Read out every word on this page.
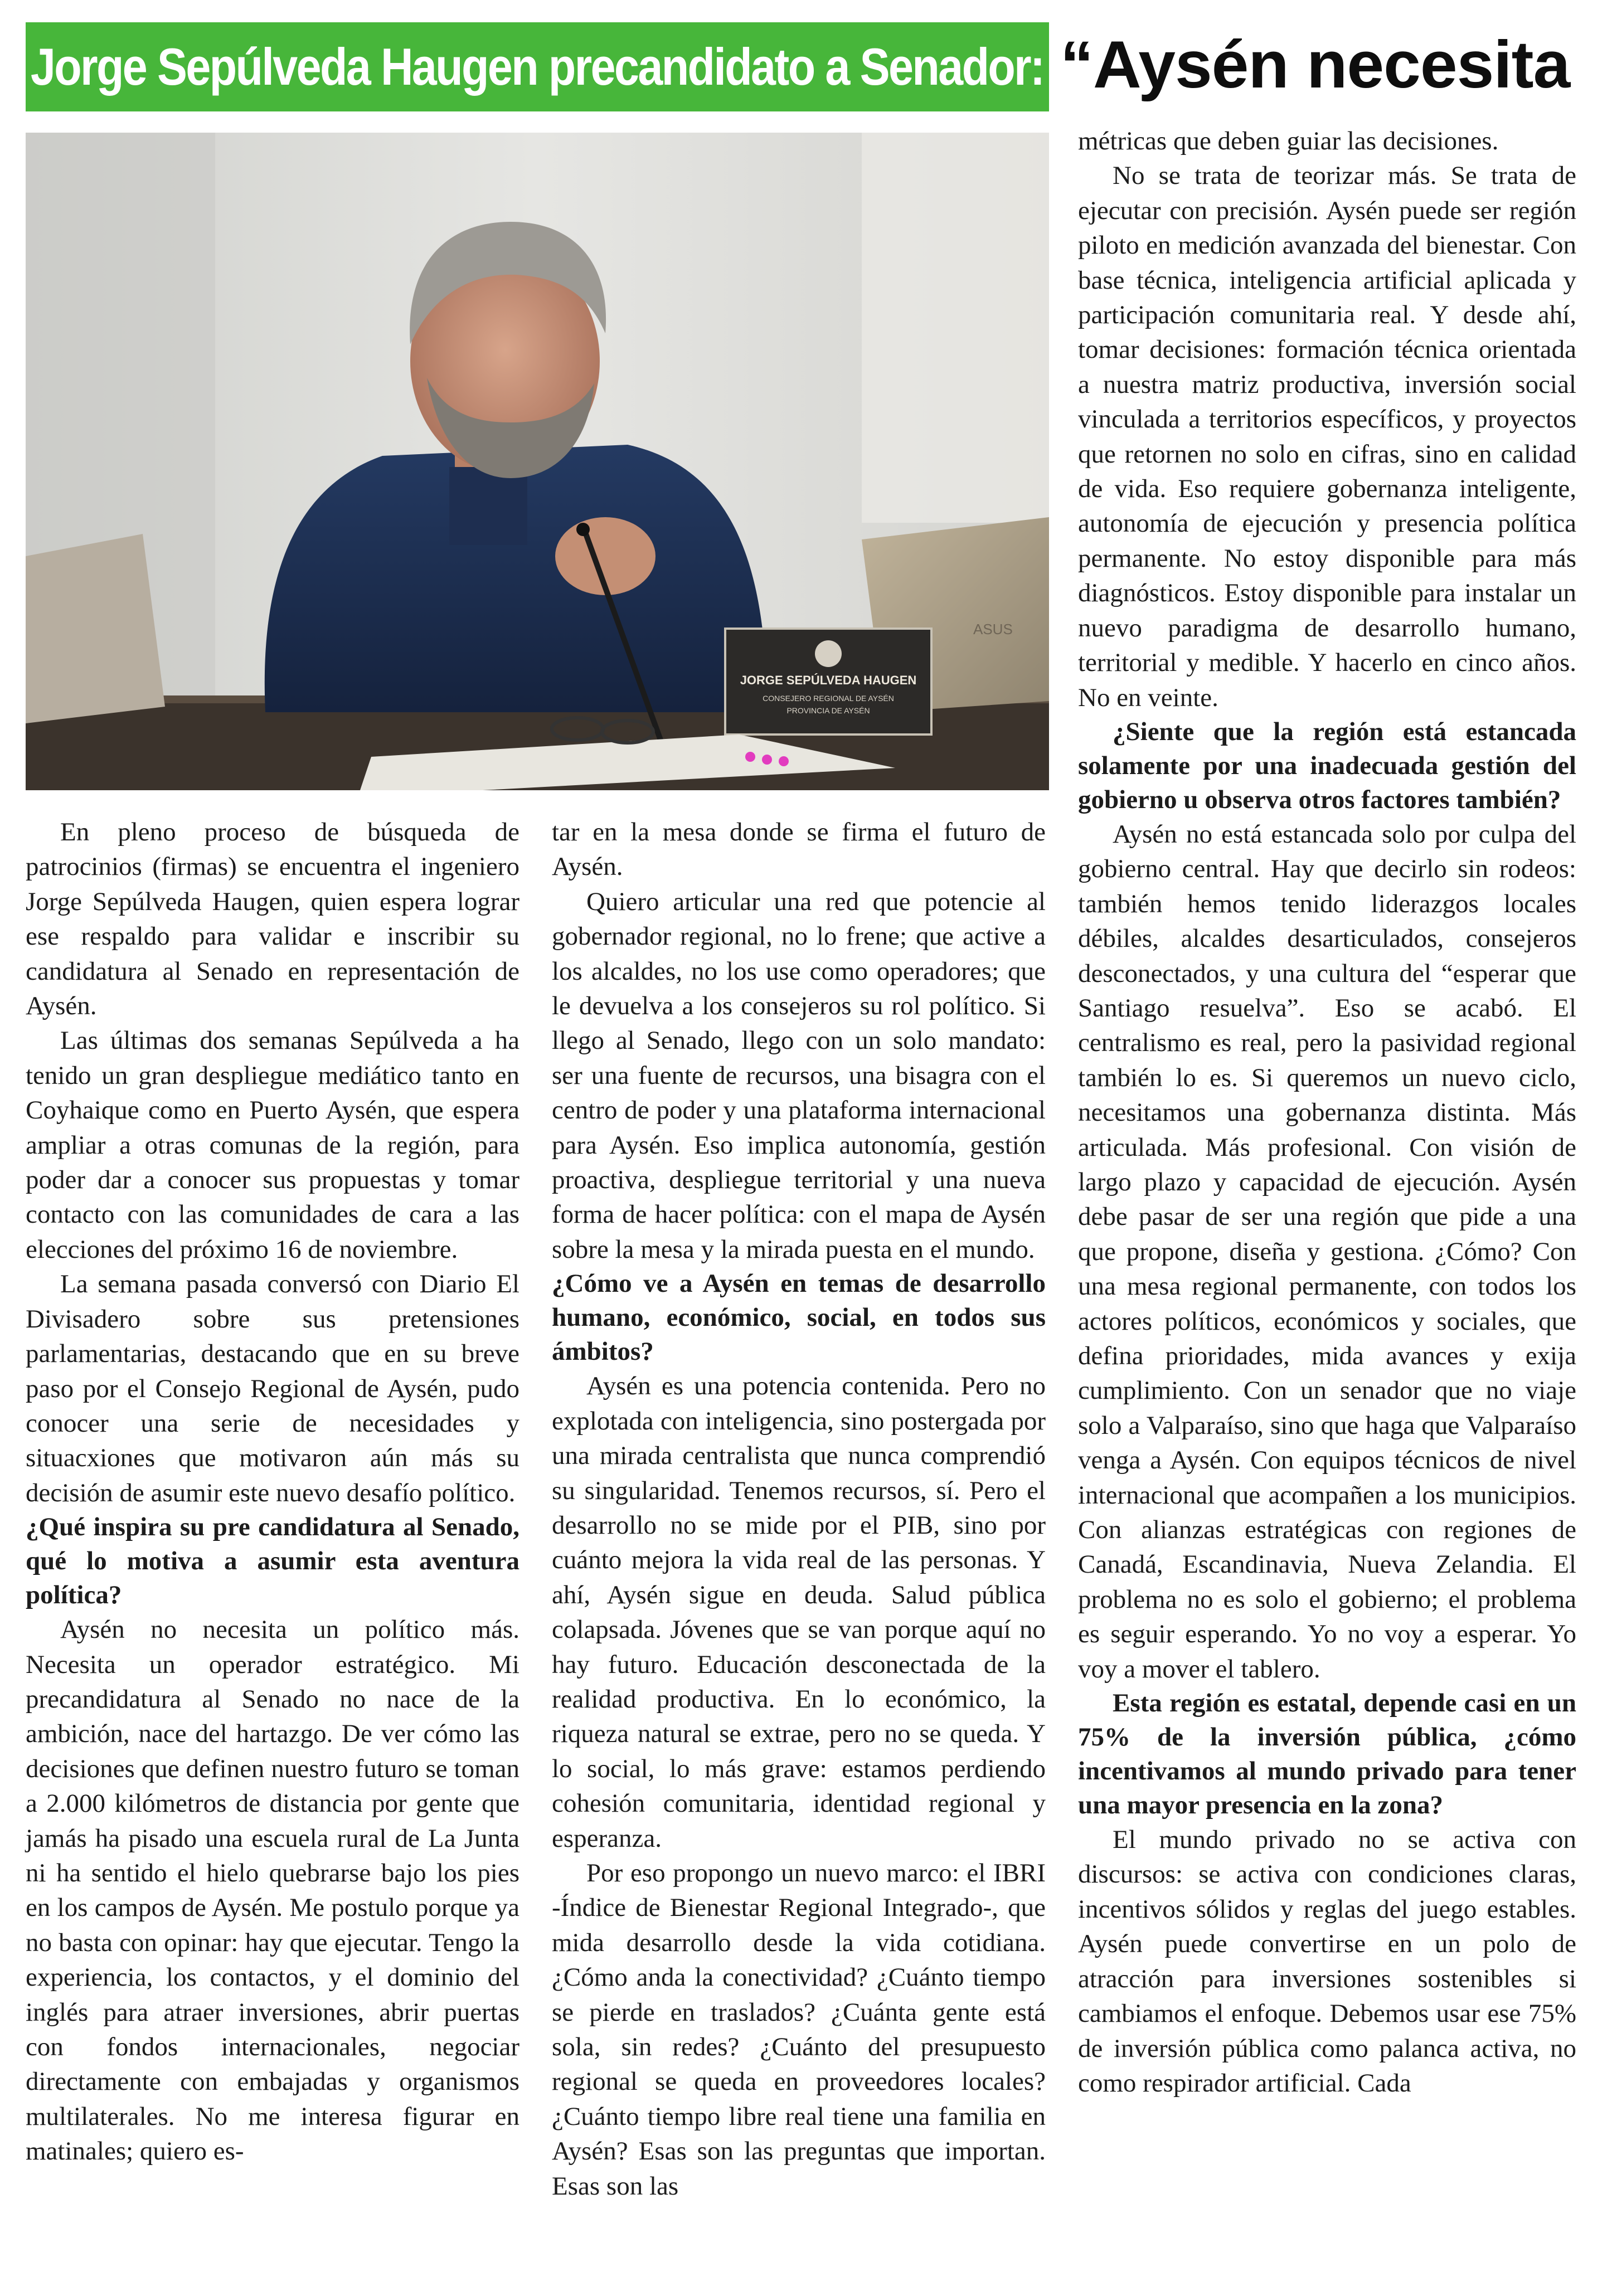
Jorge Sepúlveda Haugen precandidato a Senador: “Aysén necesita
ASUS
JORGE SEPÚLVEDA HAUGEN
CONSEJERO REGIONAL DE AYSÉN
PROVINCIA DE AYSÉN

En pleno proceso de búsqueda de patrocinios (firmas) se encuentra el ingeniero Jorge Sepúlveda Haugen, quien espera lograr ese respaldo para validar e inscribir su candidatura al Senado en representación de Aysén.

Las últimas dos semanas Sepúlveda a ha tenido un gran despliegue mediático tanto en Coyhaique como en Puerto Aysén, que espera ampliar a otras comunas de la región, para poder dar a conocer sus propuestas y tomar contacto con las comunidades de cara a las elecciones del próximo 16 de noviembre.

La semana pasada conversó con Diario El Divisadero sobre sus pretensiones parlamentarias, destacando que en su breve paso por el Consejo Regional de Aysén, pudo conocer una serie de necesidades y situacxiones que motivaron aún más su decisión de asumir este nuevo desafío político.

¿Qué inspira su pre candidatura al Senado, qué lo motiva a asumir esta aventura política?

Aysén no necesita un político más. Necesita un operador estratégico. Mi precandidatura al Senado no nace de la ambición, nace del hartazgo. De ver cómo las decisiones que definen nuestro futuro se toman a 2.000 kilómetros de distancia por gente que jamás ha pisado una escuela rural de La Junta ni ha sentido el hielo quebrarse bajo los pies en los campos de Aysén. Me postulo porque ya no basta con opinar: hay que ejecutar. Tengo la experiencia, los contactos, y el dominio del inglés para atraer inversiones, abrir puertas con fondos internacionales, negociar directamente con embajadas y organismos multilaterales. No me interesa figurar en matinales; quiero es-

tar en la mesa donde se firma el futuro de Aysén.

Quiero articular una red que potencie al gobernador regional, no lo frene; que active a los alcaldes, no los use como operadores; que le devuelva a los consejeros su rol político. Si llego al Senado, llego con un solo mandato: ser una fuente de recursos, una bisagra con el centro de poder y una plataforma internacional para Aysén. Eso implica autonomía, gestión proactiva, despliegue territorial y una nueva forma de hacer política: con el mapa de Aysén sobre la mesa y la mirada puesta en el mundo.

¿Cómo ve a Aysén en temas de desarrollo humano, económico, social, en todos sus ámbitos?

Aysén es una potencia contenida. Pero no explotada con inteligencia, sino postergada por una mirada centralista que nunca comprendió su singularidad. Tenemos recursos, sí. Pero el desarrollo no se mide por el PIB, sino por cuánto mejora la vida real de las personas. Y ahí, Aysén sigue en deuda. Salud pública colapsada. Jóvenes que se van porque aquí no hay futuro. Educación desconectada de la realidad productiva. En lo económico, la riqueza natural se extrae, pero no se queda. Y lo social, lo más grave: estamos perdiendo cohesión comunitaria, identidad regional y esperanza.

Por eso propongo un nuevo marco: el IBRI -Índice de Bienestar Regional Integrado-, que mida desarrollo desde la vida cotidiana. ¿Cómo anda la conectividad? ¿Cuánto tiempo se pierde en traslados? ¿Cuánta gente está sola, sin redes? ¿Cuánto del presupuesto regional se queda en proveedores locales? ¿Cuánto tiempo libre real tiene una familia en Aysén? Esas son las preguntas que importan. Esas son las

métricas que deben guiar las decisiones.

No se trata de teorizar más. Se trata de ejecutar con precisión. Aysén puede ser región piloto en medición avanzada del bienestar. Con base técnica, inteligencia artificial aplicada y participación comunitaria real. Y desde ahí, tomar decisiones: formación técnica orientada a nuestra matriz productiva, inversión social vinculada a territorios específicos, y proyectos que retornen no solo en cifras, sino en calidad de vida. Eso requiere gobernanza inteligente, autonomía de ejecución y presencia política permanente. No estoy disponible para más diagnósticos. Estoy disponible para instalar un nuevo paradigma de desarrollo humano, territorial y medible. Y hacerlo en cinco años. No en veinte.

¿Siente que la región está estancada solamente por una inadecuada gestión del gobierno u observa otros factores también?

Aysén no está estancada solo por culpa del gobierno central. Hay que decirlo sin rodeos: también hemos tenido liderazgos locales débiles, alcaldes desarticulados, consejeros desconectados, y una cultura del “esperar que Santiago resuelva”. Eso se acabó. El centralismo es real, pero la pasividad regional también lo es. Si queremos un nuevo ciclo, necesitamos una gobernanza distinta. Más articulada. Más profesional. Con visión de largo plazo y capacidad de ejecución. Aysén debe pasar de ser una región que pide a una que propone, diseña y gestiona. ¿Cómo? Con una mesa regional permanente, con todos los actores políticos, económicos y sociales, que defina prioridades, mida avances y exija cumplimiento. Con un senador que no viaje solo a Valparaíso, sino que haga que Valparaíso venga a Aysén. Con equipos técnicos de nivel internacional que acompañen a los municipios. Con alianzas estratégicas con regiones de Canadá, Escandinavia, Nueva Zelandia. El problema no es solo el gobierno; el problema es seguir esperando. Yo no voy a esperar. Yo voy a mover el tablero.

Esta región es estatal, depende casi en un 75% de la inversión pública, ¿cómo incentivamos al mundo privado para tener una mayor presencia en la zona?

El mundo privado no se activa con discursos: se activa con condiciones claras, incentivos sólidos y reglas del juego estables. Aysén puede convertirse en un polo de atracción para inversiones sostenibles si cambiamos el enfoque. Debemos usar ese 75% de inversión pública como palanca activa, no como respirador artificial. Cada
